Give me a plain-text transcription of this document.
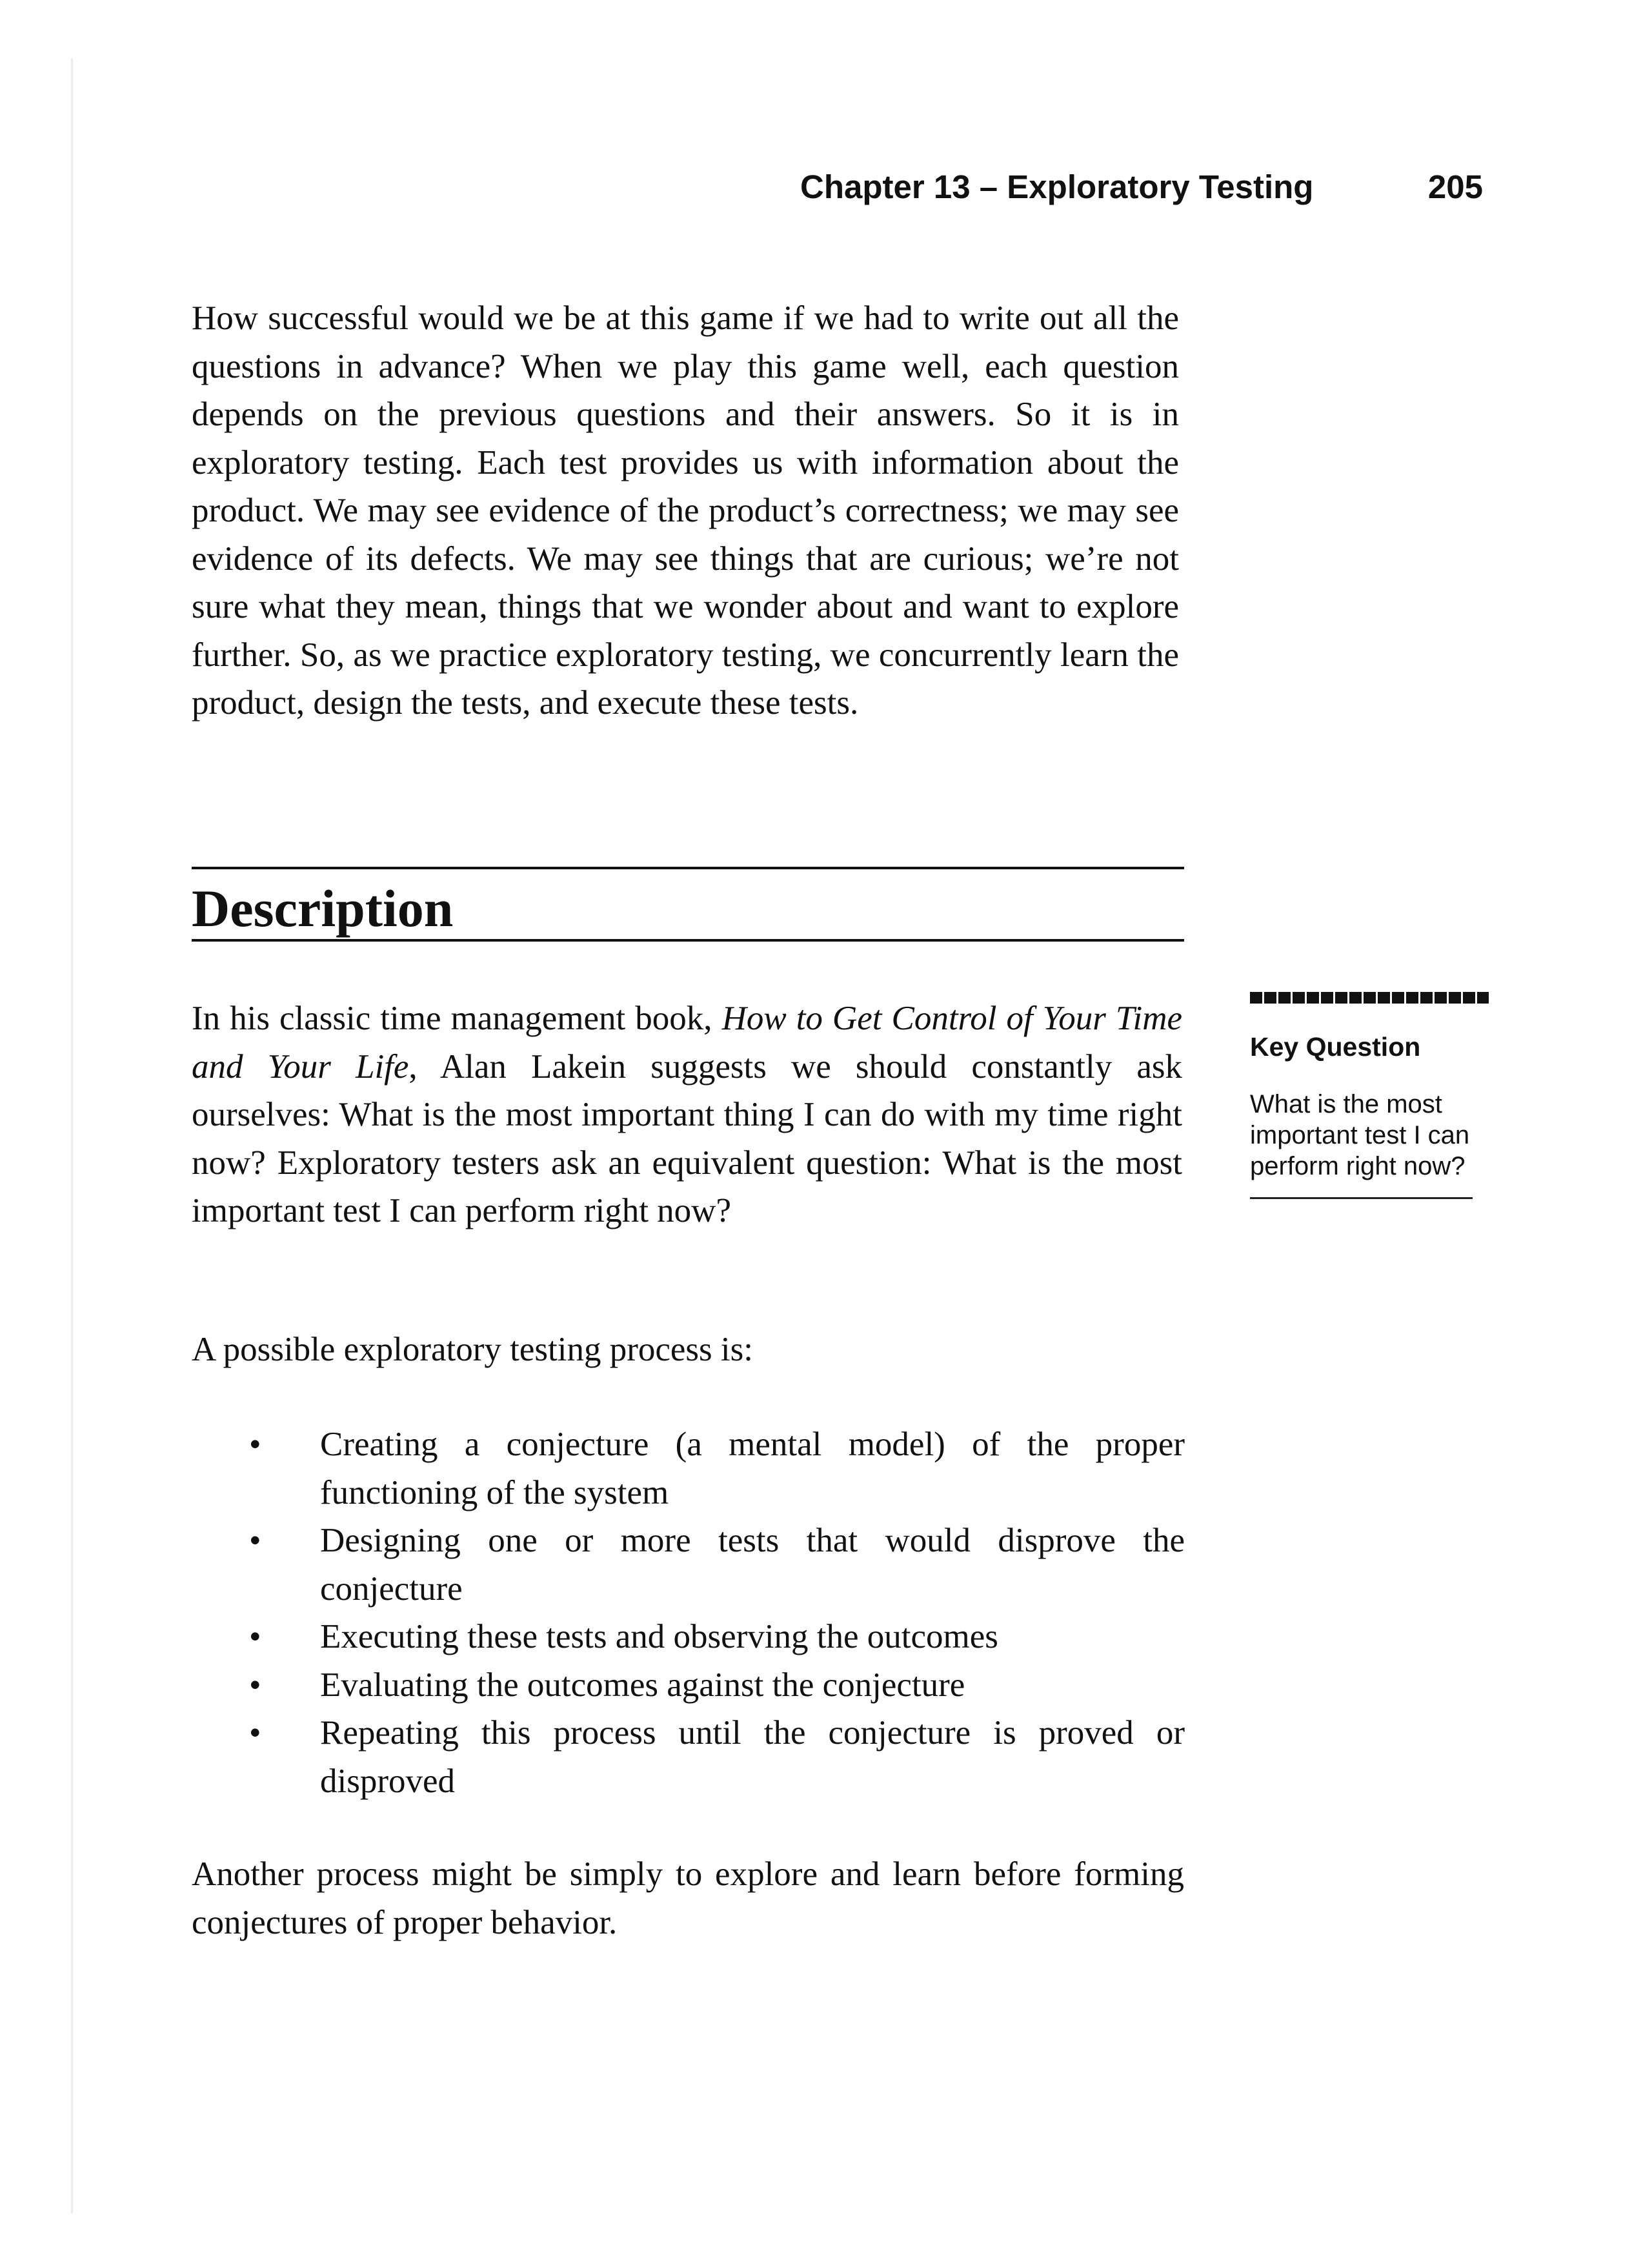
Chapter 13 – Exploratory Testing	205

How successful would we be at this game if we had to write out all the questions in advance? When we play this game well, each question depends on the previous questions and their answers. So it is in exploratory testing. Each test provides us with information about the product. We may see evidence of the product’s correctness; we may see evidence of its defects. We may see things that are curious; we’re not sure what they mean, things that we wonder about and want to explore further. So, as we practice exploratory testing, we concurrently learn the product, design the tests, and execute these tests.

Description

In his classic time management book, How to Get Control of Your Time and Your Life, Alan Lakein suggests we should constantly ask ourselves: What is the most important thing I can do with my time right now? Exploratory testers ask an equivalent question: What is the most important test I can perform right now?

A possible exploratory testing process is:

•	Creating a conjecture (a mental model) of the proper functioning of the system
•	Designing one or more tests that would disprove the conjecture
•	Executing these tests and observing the outcomes
•	Evaluating the outcomes against the conjecture
•	Repeating this process until the conjecture is proved or disproved

Another process might be simply to explore and learn before forming conjectures of proper behavior.

Key Question
What is the most important test I can perform right now?
